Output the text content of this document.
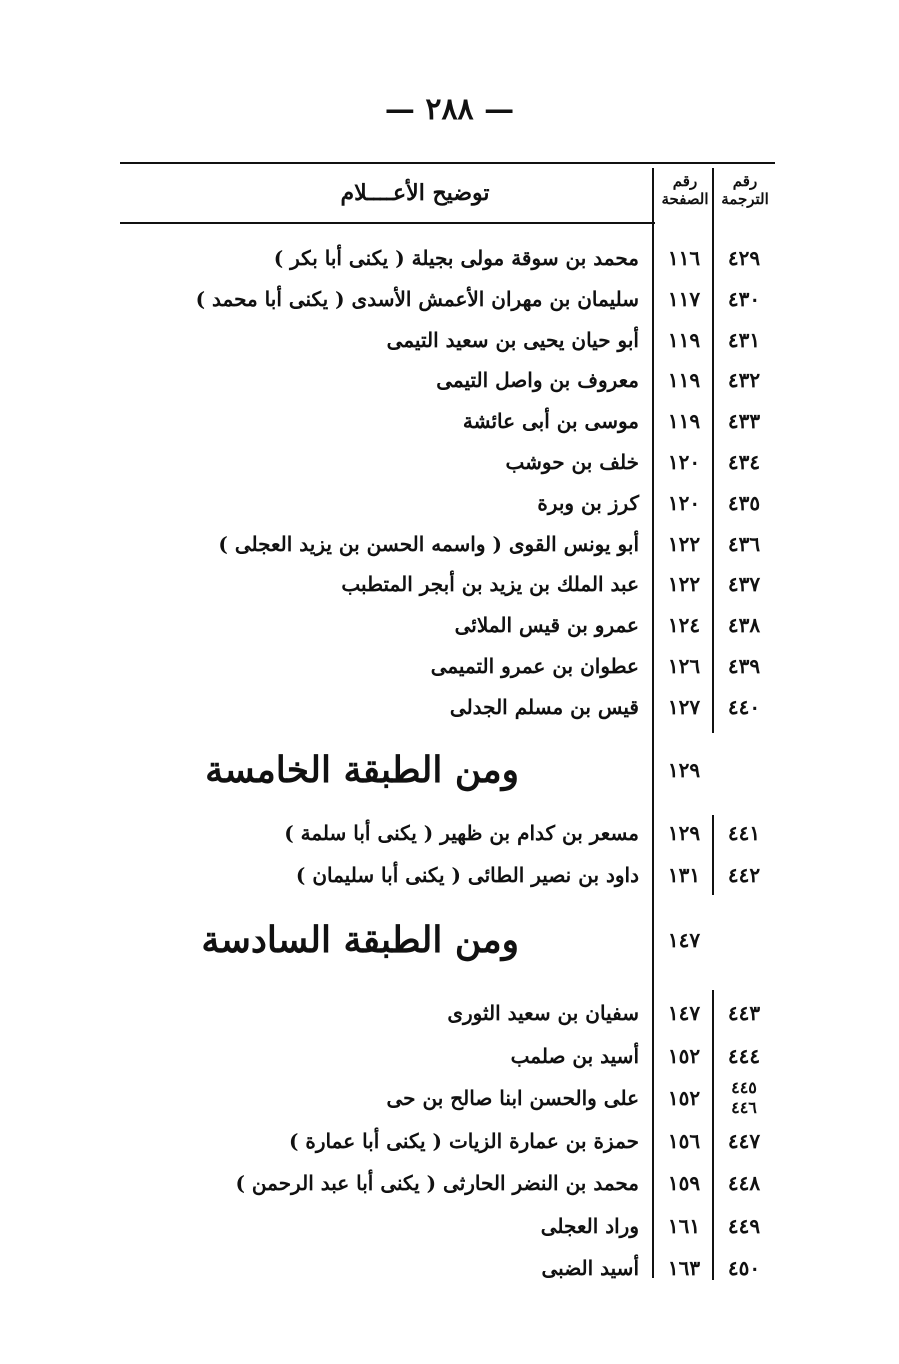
— ٢٨٨ —
رقم الترجمة
رقم الصفحة
توضيح الأعــــلام
٤٢٩
١١٦
محمد بن سوقة مولى بجيلة ( يكنى أبا بكر )
٤٣٠
١١٧
سليمان بن مهران الأعمش الأسدى ( يكنى أبا محمد )
٤٣١
١١٩
أبو حيان يحيى بن سعيد التيمى
٤٣٢
١١٩
معروف بن واصل التيمى
٤٣٣
١١٩
موسى بن أبى عائشة
٤٣٤
١٢٠
خلف بن حوشب
٤٣٥
١٢٠
كرز بن وبرة
٤٣٦
١٢٢
أبو يونس القوى ( واسمه الحسن بن يزيد العجلى )
٤٣٧
١٢٢
عبد الملك بن يزيد بن أبجر المتطبب
٤٣٨
١٢٤
عمرو بن قيس الملائى
٤٣٩
١٢٦
عطوان بن عمرو التميمى
٤٤٠
١٢٧
قيس بن مسلم الجدلى
١٢٩
ومن الطبقة الخامسة
٤٤١
١٢٩
مسعر بن كدام بن ظهير ( يكنى أبا سلمة )
٤٤٢
١٣١
داود بن نصير الطائى ( يكنى أبا سليمان )
١٤٧
ومن الطبقة السادسة
٤٤٣
١٤٧
سفيان بن سعيد الثورى
٤٤٤
١٥٢
أسيد بن صلمب
٤٤٥
٤٤٦
١٥٢
على والحسن ابنا صالح بن حى
٤٤٧
١٥٦
حمزة بن عمارة الزيات ( يكنى أبا عمارة )
٤٤٨
١٥٩
محمد بن النضر الحارثى ( يكنى أبا عبد الرحمن )
٤٤٩
١٦١
وراد العجلى
٤٥٠
١٦٣
أسيد الضبى
